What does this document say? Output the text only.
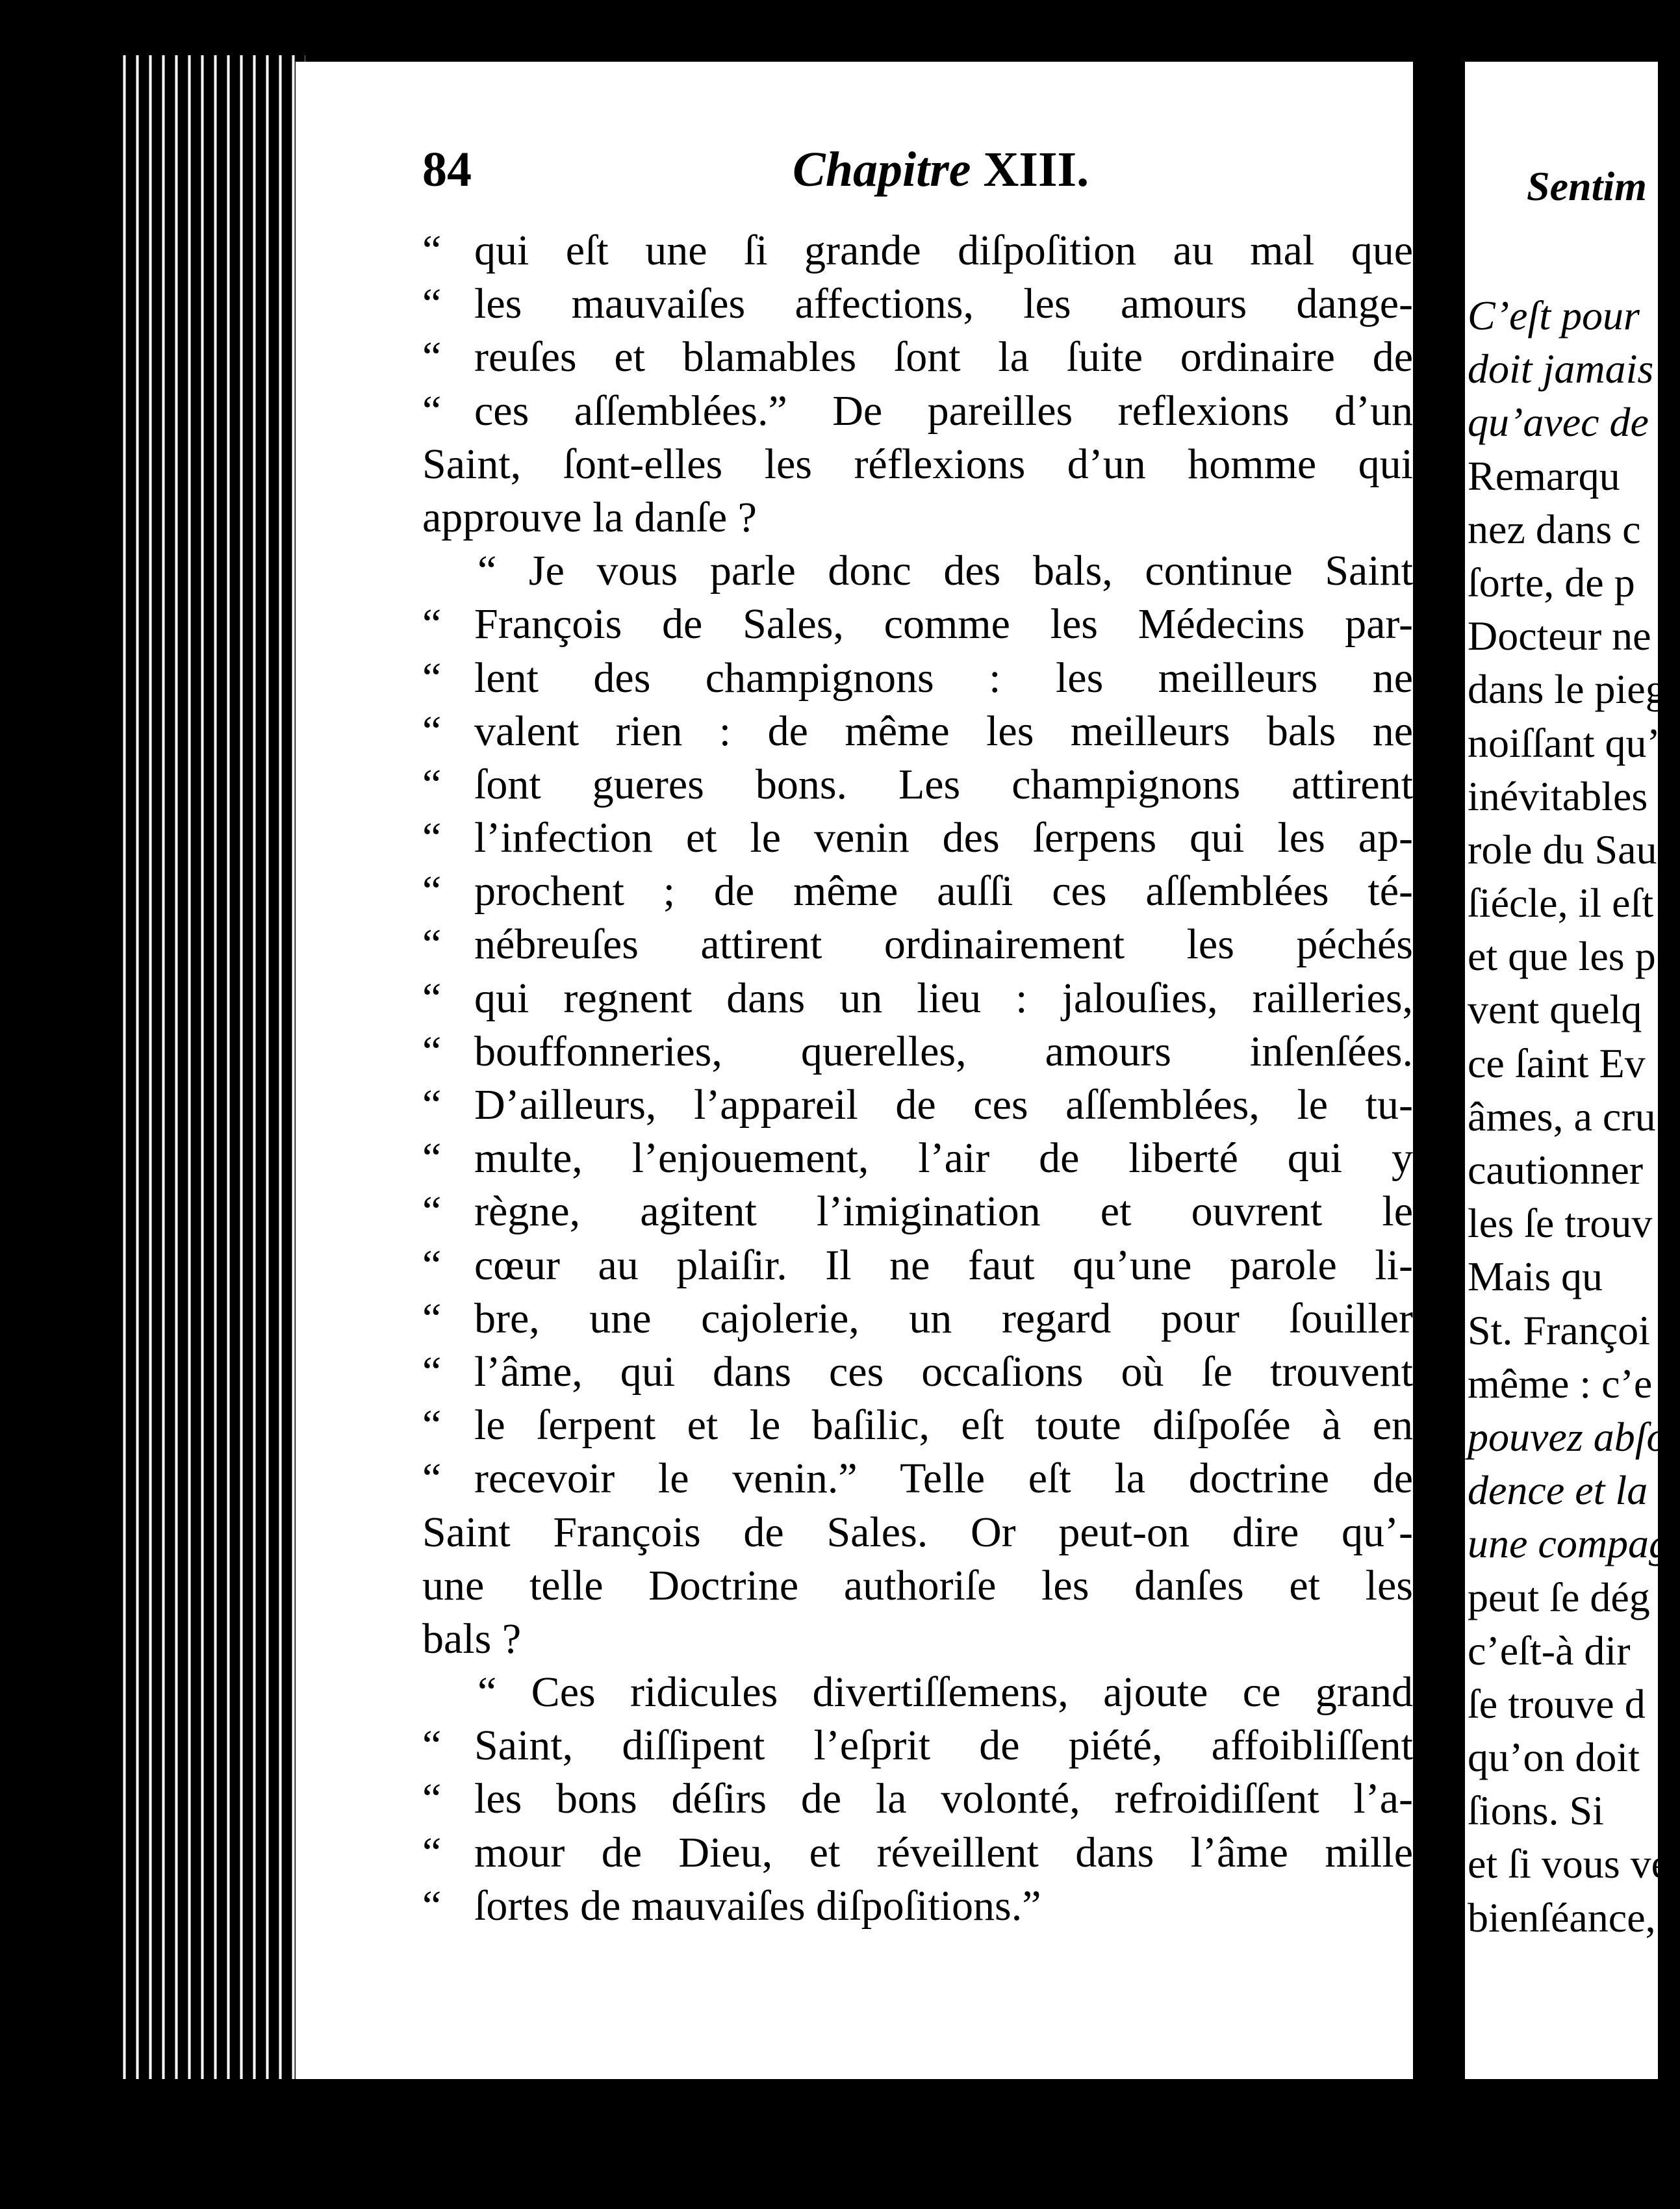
Sentim
C’eſt pour
doit jamais ſ
qu’avec de g
Remarqu
nez dans c
ſorte, de p
Docteur ne
dans le pieg
noiſſant qu’
inévitables
role du Sau
ſiécle, il eſt
et que les p
vent quelq
ce ſaint Ev
âmes, a cru
cautionner
les ſe trouv
Mais qu
St. Françoi
même : c’e
pouvez abſo
dence et la d
une compag
peut ſe dég
c’eſt-à dir
ſe trouve d
qu’on doit
ſions. Si
et ſi vous ve
bienſéance,
84	Chapitre XIII.
“ qui eſt une ſi grande diſpoſition au mal que
“ les mauvaiſes affections, les amours dange-
“ reuſes et blamables ſont la ſuite ordinaire de
“ ces aſſemblées.” De pareilles reflexions d’un
Saint, ſont-elles les réflexions d’un homme qui
approuve la danſe ?
“ Je vous parle donc des bals, continue Saint
“ François de Sales, comme les Médecins par-
“ lent des champignons : les meilleurs ne
“ valent rien : de même les meilleurs bals ne
“ ſont gueres bons. Les champignons attirent
“ l’infection et le venin des ſerpens qui les ap-
“ prochent ; de même auſſi ces aſſemblées té-
“ nébreuſes attirent ordinairement les péchés
“ qui regnent dans un lieu : jalouſies, railleries,
“ bouffonneries, querelles, amours inſenſées.
“ D’ailleurs, l’appareil de ces aſſemblées, le tu-
“ multe, l’enjouement, l’air de liberté qui y
“ règne, agitent l’imigination et ouvrent le
“ cœur au plaiſir. Il ne faut qu’une parole li-
“ bre, une cajolerie, un regard pour ſouiller
“ l’âme, qui dans ces occaſions où ſe trouvent
“ le ſerpent et le baſilic, eſt toute diſpoſée à en
“ recevoir le venin.” Telle eſt la doctrine de
Saint François de Sales. Or peut-on dire qu’-
une telle Doctrine authoriſe les danſes et les
bals ?
“ Ces ridicules divertiſſemens, ajoute ce grand
“ Saint, diſſipent l’eſprit de piété, affoibliſſent
“ les bons déſirs de la volonté, refroidiſſent l’a-
“ mour de Dieu, et réveillent dans l’âme mille
“ ſortes de mauvaiſes diſpoſitions.”
